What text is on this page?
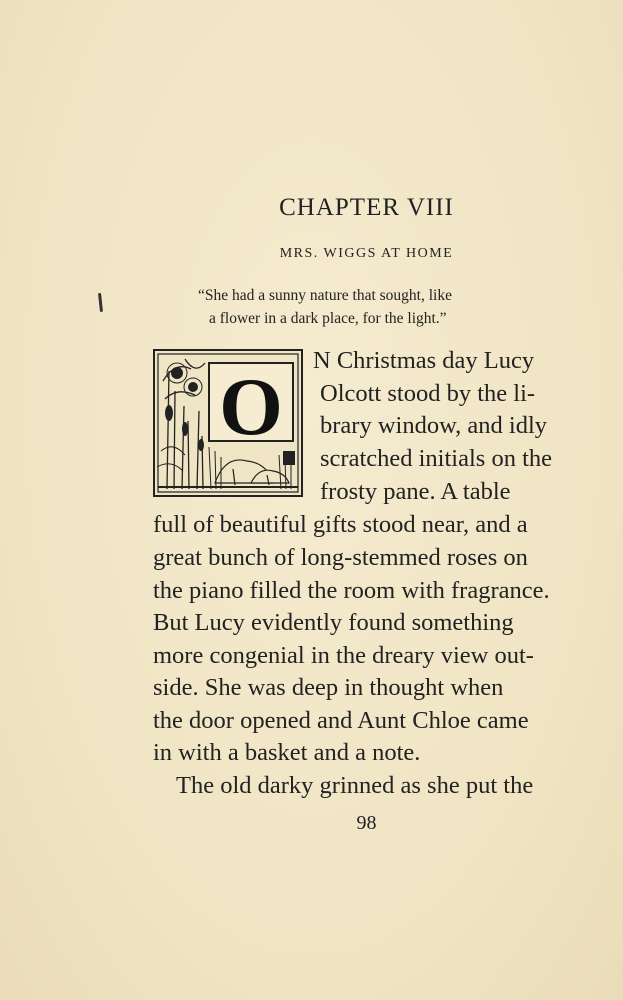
CHAPTER VIII
MRS. WIGGS AT HOME
“She had a sunny nature that sought, like
a flower in a dark place, for the light.”
O
N Christmas day Lucy
Olcott stood by the li-
brary window, and idly
scratched initials on the
frosty pane. A table
full of beautiful gifts stood near, and a
great bunch of long-stemmed roses on
the piano filled the room with fragrance.
But Lucy evidently found something
more congenial in the dreary view out-
side. She was deep in thought when
the door opened and Aunt Chloe came
in with a basket and a note.
The old darky grinned as she put the
98
